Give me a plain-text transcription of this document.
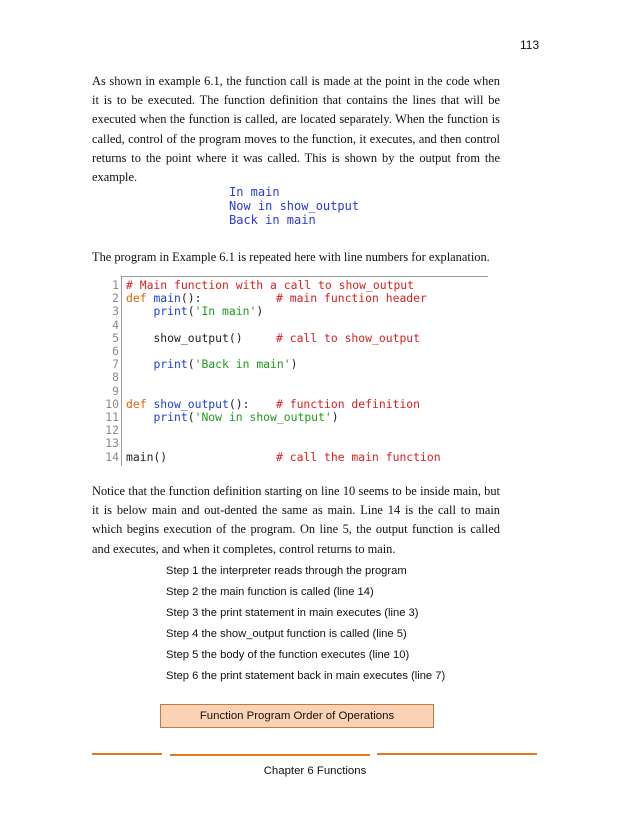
113

As shown in example 6.1, the function call is made at the point in the code when it is to be executed. The function definition that contains the lines that will be executed when the function is called, are located separately. When the function is called, control of the program moves to the function, it executes, and then control returns to the point where it was called. This is shown by the output from the example.

In main
Now in show_output
Back in main

The program in Example 6.1 is repeated here with line numbers for explanation.

1 # Main function with a call to show_output
2 def main():	# main function header
3	print('In main')
4
5	show_output()	# call to show_output
6
7	print('Back in main')
8
9
10 def show_output(): # function definition
11	print('Now in show_output')
12
13
14 main()	# call the main function

Notice that the function definition starting on line 10 seems to be inside main, but it is below main and out-dented the same as main. Line 14 is the call to main which begins execution of the program. On line 5, the output function is called and executes, and when it completes, control returns to main.

Step 1 the interpreter reads through the program
Step 2 the main function is called (line 14)
Step 3 the print statement in main executes (line 3)
Step 4 the show_output function is called (line 5)
Step 5 the body of the function executes (line 10)
Step 6 the print statement back in main executes (line 7)
Function Program Order of Operations
Chapter 6 Functions
